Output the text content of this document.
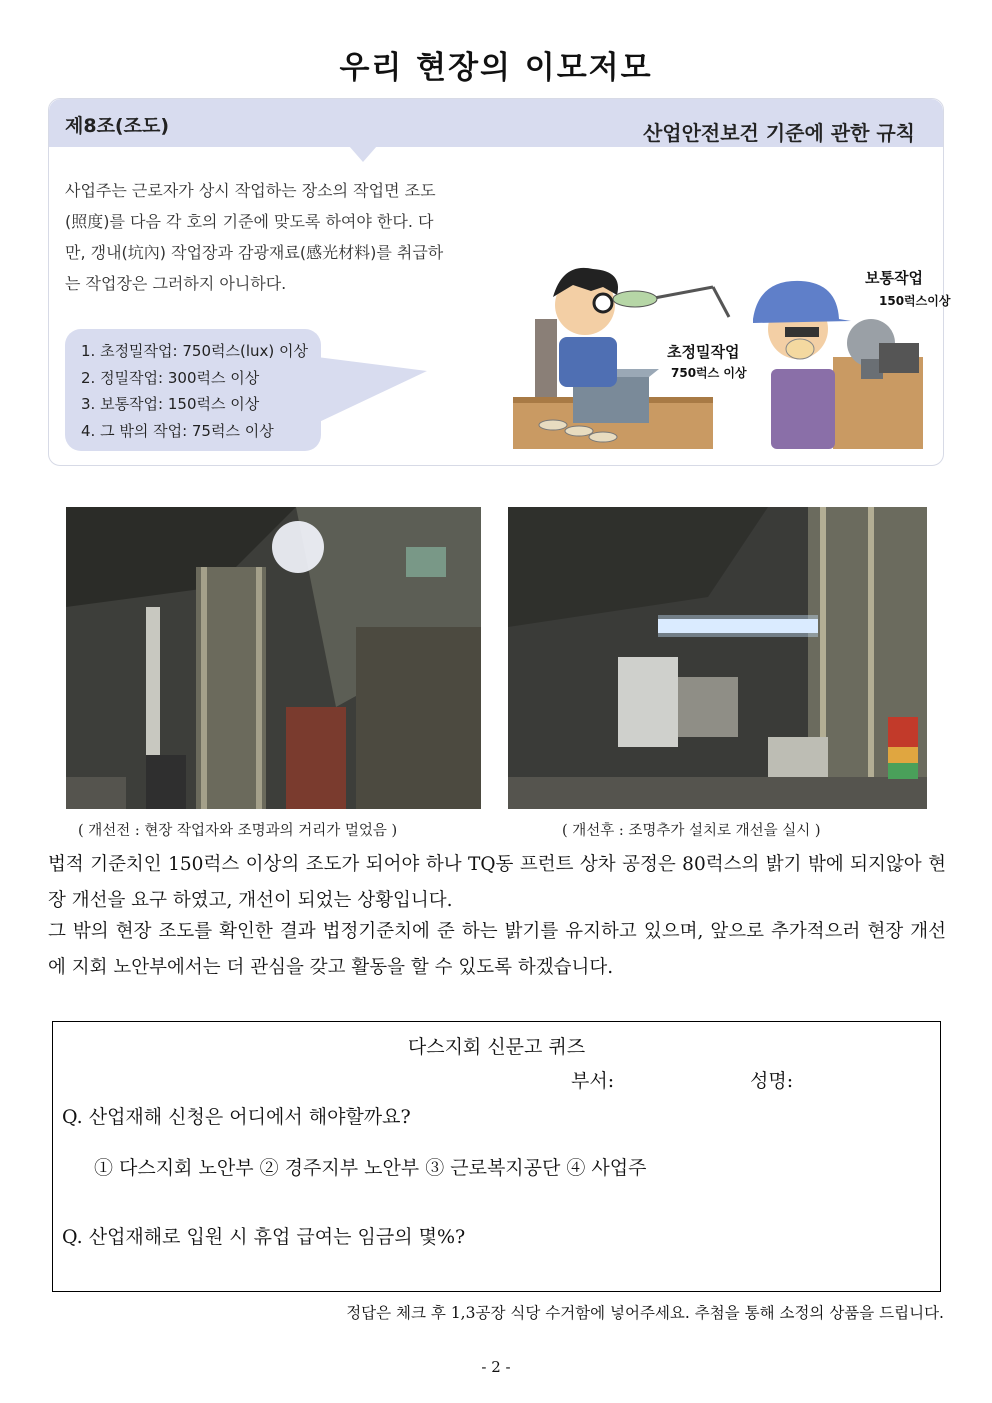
우리 현장의 이모저모
제8조(조도)	산업안전보건 기준에 관한 규칙
사업주는 근로자가 상시 작업하는 장소의 작업면 조도
(照度)를 다음 각 호의 기준에 맞도록 하여야 한다. 다
만, 갱내(坑內) 작업장과 감광재료(感光材料)를 취급하
는 작업장은 그러하지 아니하다.
1. 초정밀작업: 750럭스(lux) 이상
2. 정밀작업: 300럭스 이상
3. 보통작업: 150럭스 이상
4. 그 밖의 작업: 75럭스 이상
초정밀작업
750럭스 이상
보통작업
150럭스이상
( 개선전 : 현장 작업자와 조명과의 거리가 멀었음 )	( 개선후 : 조명추가 설치로 개선을 실시 )
법적 기준치인 150럭스 이상의 조도가 되어야 하나 TQ동 프런트 상차 공정은 80럭스의 밝기 밖에 되지않아 현장 개선을 요구 하였고, 개선이 되었는 상황입니다.
그 밖의 현장 조도를 확인한 결과 법정기준치에 준 하는 밝기를 유지하고 있으며, 앞으로 추가적으러 현장 개선에 지회 노안부에서는 더 관심을 갖고 활동을 할 수 있도록 하겠습니다.
다스지회 신문고 퀴즈
부서:	성명:
Q. 산업재해 신청은 어디에서 해야할까요?
① 다스지회 노안부 ② 경주지부 노안부 ③ 근로복지공단 ④ 사업주
Q. 산업재해로 입원 시 휴업 급여는 임금의 몇%?
정답은 체크 후 1,3공장 식당 수거함에 넣어주세요. 추첨을 통해 소정의 상품을 드립니다.
- 2 -
